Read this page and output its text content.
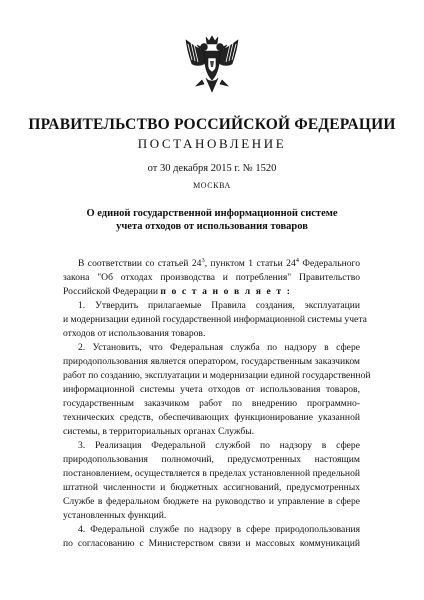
ПРАВИТЕЛЬСТВО РОССИЙСКОЙ ФЕДЕРАЦИИ
ПОСТАНОВЛЕНИЕ
от 30 декабря 2015 г. № 1520
МОСКВА
О единой государственной информационной системе
учета отходов от использования товаров
В соответствии со статьей $24^3$, пунктом 1 статьи $24^4$ Федерального
закона "Об отходах производства и потребления" Правительство
Российской Федерации п о с т а н о в л я е т :
1. Утвердить прилагаемые Правила создания, эксплуатации
и модернизации единой государственной информационной системы учета
отходов от использования товаров.
2. Установить, что Федеральная служба по надзору в сфере
природопользования является оператором, государственным заказчиком
работ по созданию, эксплуатации и модернизации единой государственной
информационной системы учета отходов от использования товаров,
государственным заказчиком работ по внедрению программно-
технических средств, обеспечивающих функционирование указанной
системы, в территориальных органах Службы.
3. Реализация Федеральной службой по надзору в сфере
природопользования полномочий, предусмотренных настоящим
постановлением, осуществляется в пределах установленной предельной
штатной численности и бюджетных ассигнований, предусмотренных
Службе в федеральном бюджете на руководство и управление в сфере
установленных функций.
4. Федеральной службе по надзору в сфере природопользования
по согласованию с Министерством связи и массовых коммуникаций
